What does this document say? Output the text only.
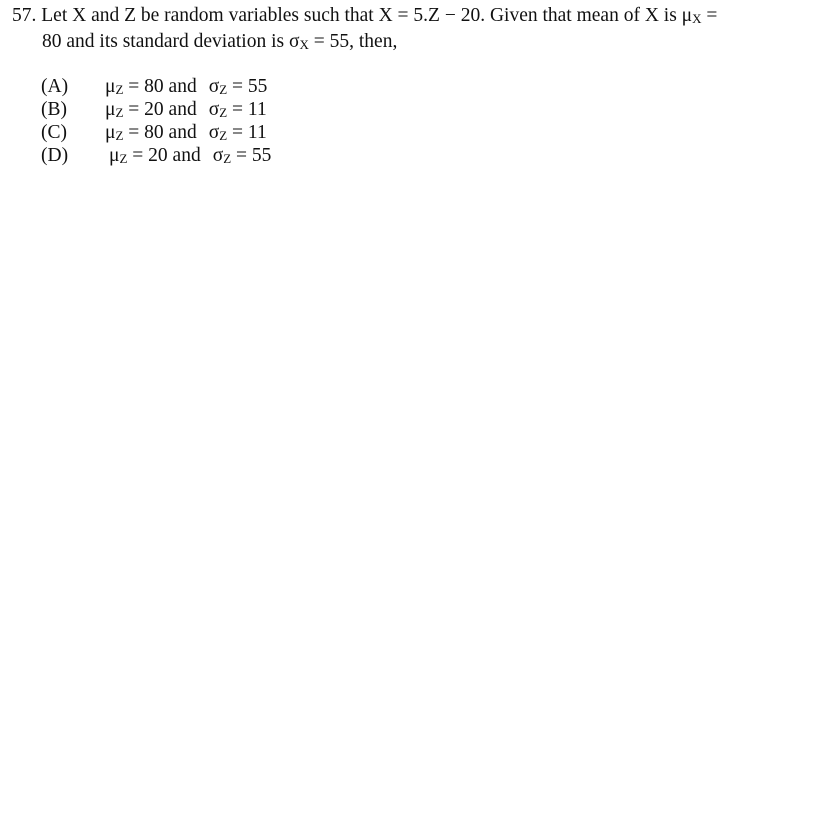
57. Let X and Z be random variables such that X = 5.Z − 20. Given that mean of X is μX =
80 and its standard deviation is σX = 55, then,
(A) μZ = 80 and σZ = 55
(B) μZ = 20 and σZ = 11
(C) μZ = 80 and σZ = 11
(D) μZ = 20 and σZ = 55
